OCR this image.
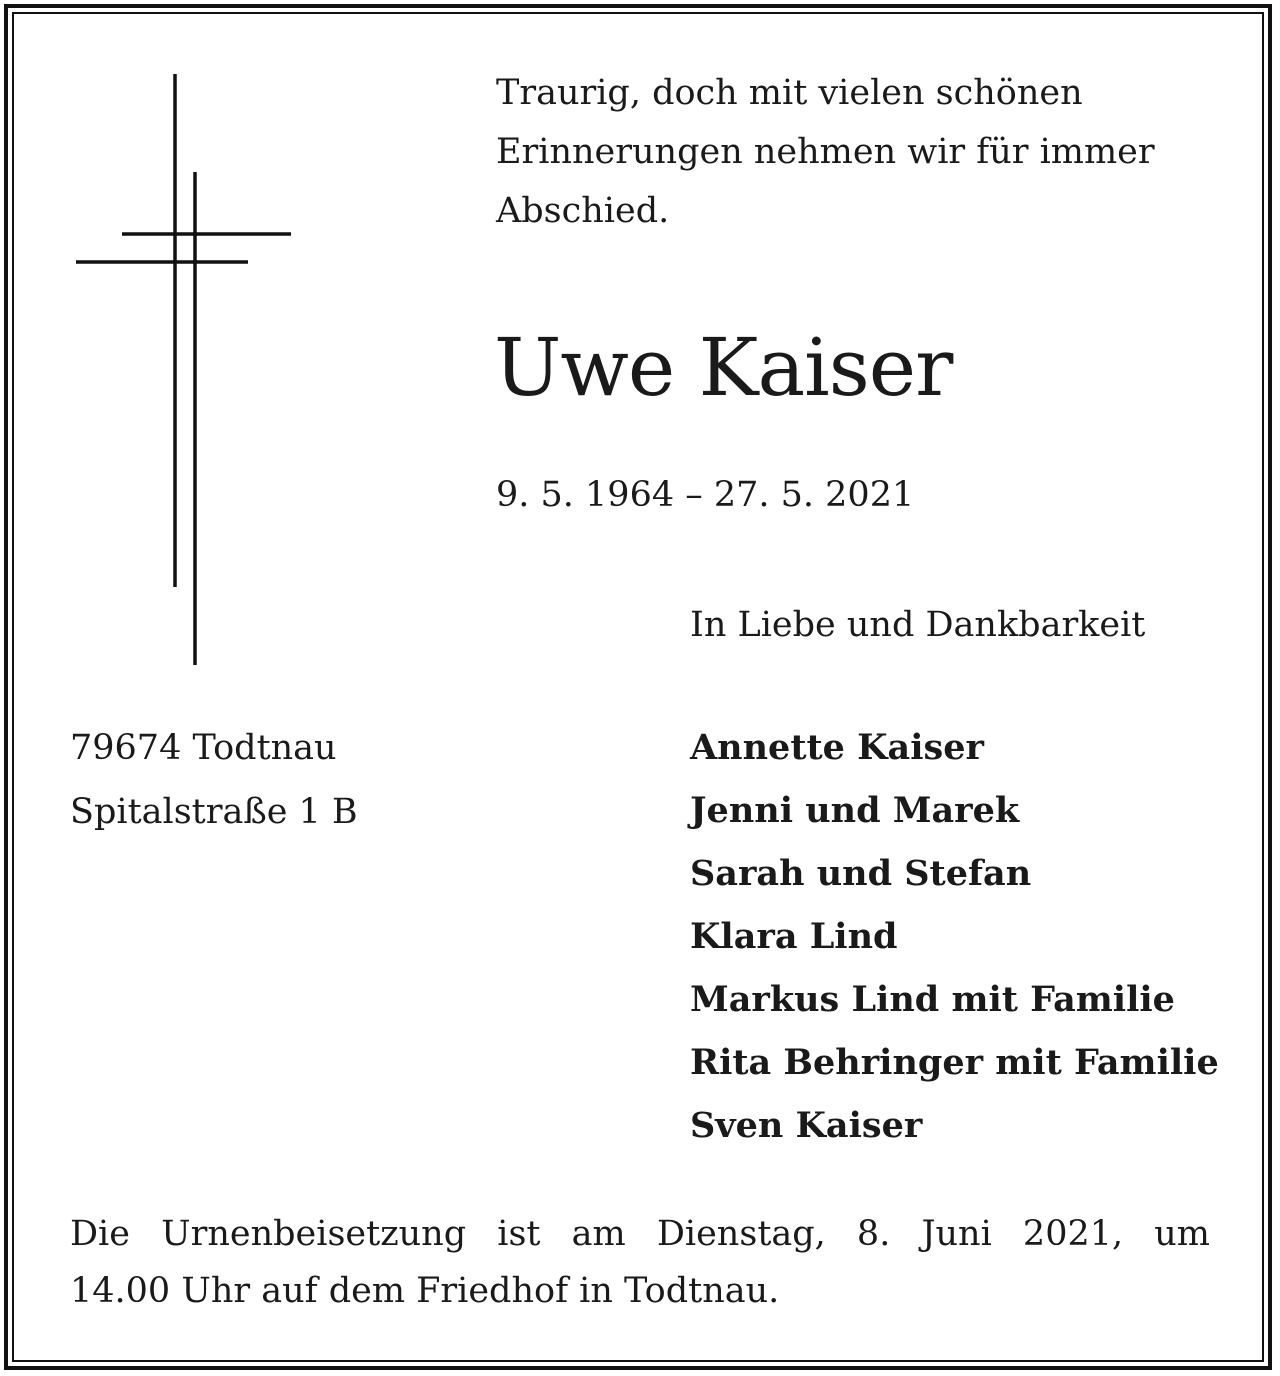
Traurig, doch mit vielen schönen
Erinnerungen nehmen wir für immer
Abschied.
Uwe Kaiser
9. 5. 1964 – 27. 5. 2021
In Liebe und Dankbarkeit
79674 Todtnau
Spitalstraße 1 B
Annette Kaiser
Jenni und Marek
Sarah und Stefan
Klara Lind
Markus Lind mit Familie
Rita Behringer mit Familie
Sven Kaiser
Die Urnenbeisetzung ist am Dienstag, 8. Juni 2021, um
14.00 Uhr auf dem Friedhof in Todtnau.
